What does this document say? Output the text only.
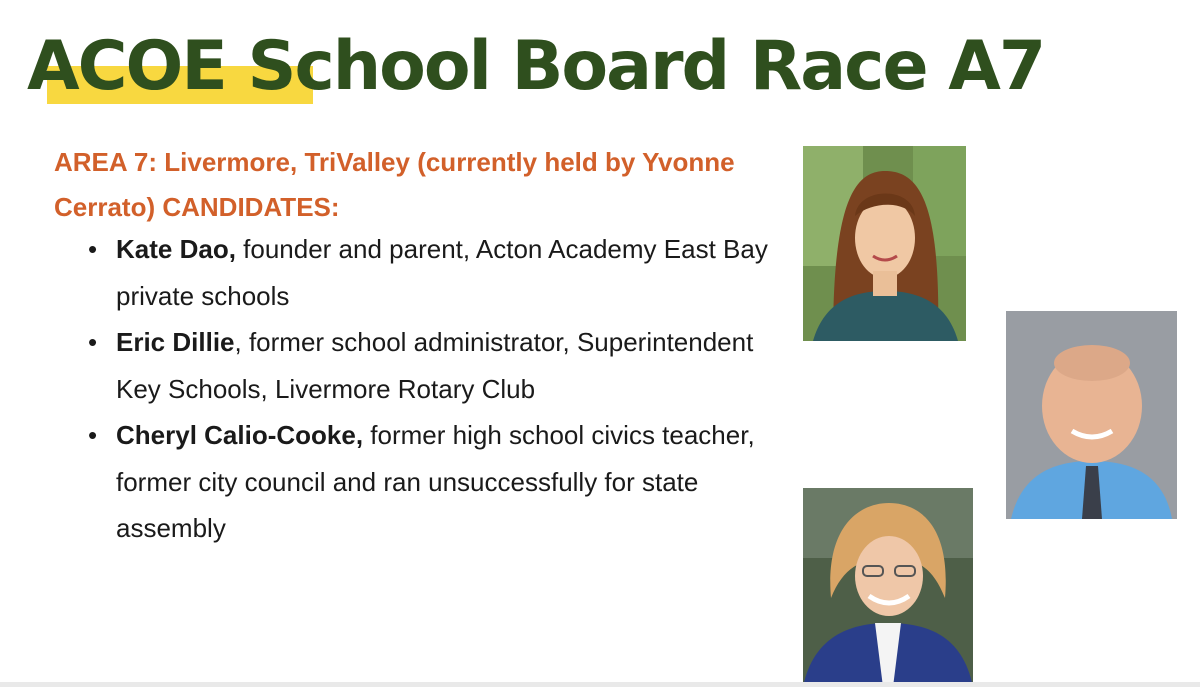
ACOE School Board Race A7

AREA 7: Livermore, TriValley (currently held by Yvonne Cerrato) CANDIDATES:

• Kate Dao, founder and parent, Acton Academy East Bay private schools
• Eric Dillie, former school administrator, Superintendent Key Schools, Livermore Rotary Club
• Cheryl Calio-Cooke, former high school civics teacher, former city council and ran unsuccessfully for state assembly
